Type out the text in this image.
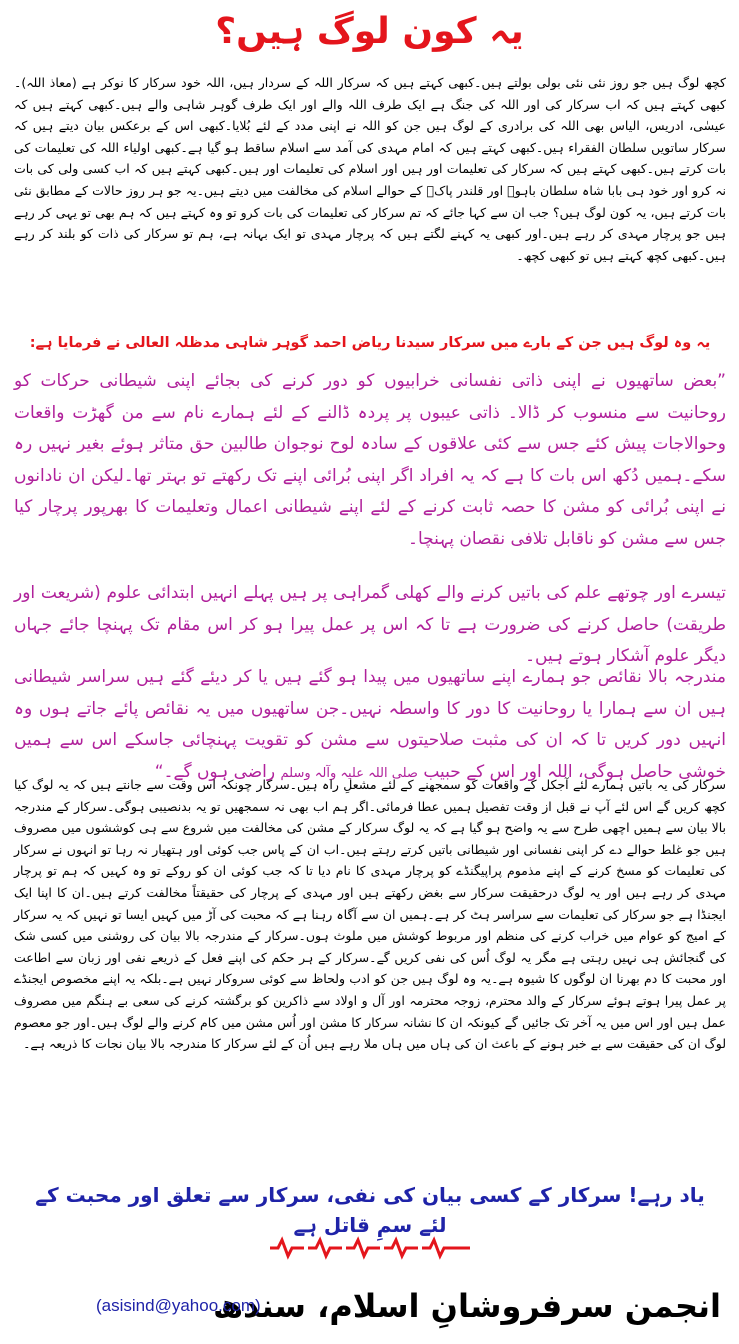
یہ کون لوگ ہیں؟
کچھ لوگ ہیں جو روز نئی نئی بولی بولتے ہیں۔کبھی کہتے ہیں کہ سرکار اللہ کے سردار ہیں، اللہ خود سرکار کا نوکر ہے (معاذ اللہ)۔کبھی کہتے ہیں کہ اب سرکار کی اور اللہ کی جنگ ہے ایک طرف اللہ والے اور ایک طرف گوہر شاہی والے ہیں۔کبھی کہتے ہیں کہ عیسٰی، ادریس، الیاس بھی اللہ کی برادری کے لوگ ہیں جن کو اللہ نے اپنی مدد کے لئے بُلایا۔کبھی اس کے برعکس بیان دیتے ہیں کہ سرکار ساتویں سلطان الفقراء ہیں۔کبھی کہتے ہیں کہ امام مہدی کی آمد سے اسلام ساقط ہو گیا ہے۔کبھی اولیاء اللہ کی تعلیمات کی بات کرتے ہیں۔کبھی کہتے ہیں کہ سرکار کی تعلیمات اور ہیں اور اسلام کی تعلیمات اور ہیں۔کبھی کہتے ہیں کہ اب کسی ولی کی بات نہ کرو اور خود ہی بابا شاہ سلطان باہوؒ اور قلندر پاکؒ کے حوالے اسلام کی مخالفت میں دیتے ہیں۔یہ جو ہر روز حالات کے مطابق نئی بات کرتے ہیں، یہ کون لوگ ہیں؟ جب ان سے کہا جائے کہ تم سرکار کی تعلیمات کی بات کرو تو وہ کہتے ہیں کہ ہم بھی تو یہی کر رہے ہیں جو پرچار مہدی کر رہے ہیں۔اور کبھی یہ کہنے لگتے ہیں کہ پرچار مہدی تو ایک بہانہ ہے، ہم تو سرکار کی ذات کو بلند کر رہے ہیں۔کبھی کچھ کہتے ہیں تو کبھی کچھ۔
یہ وہ لوگ ہیں جن کے بارے میں سرکار سیدنا ریاض احمد گوہر شاہی مدظلہ العالی نے فرمایا ہے:
”بعض ساتھیوں نے اپنی ذاتی نفسانی خرابیوں کو دور کرنے کی بجائے اپنی شیطانی حرکات کو روحانیت سے منسوب کر ڈالا۔ ذاتی عیبوں پر پردہ ڈالنے کے لئے ہمارے نام سے من گھڑت واقعات وحوالاجات پیش کئے جس سے کئی علاقوں کے سادہ لوح نوجوان طالبین حق متاثر ہوئے بغیر نہیں رہ سکے۔ہمیں دُکھ اس بات کا ہے کہ یہ افراد اگر اپنی بُرائی اپنے تک رکھتے تو بہتر تھا۔لیکن ان نادانوں نے اپنی بُرائی کو مشن کا حصہ ثابت کرنے کے لئے اپنے شیطانی اعمال وتعلیمات کا بھرپور پرچار کیا جس سے مشن کو ناقابل تلافی نقصان پہنچا۔
تیسرے اور چوتھے علم کی باتیں کرنے والے کھلی گمراہی پر ہیں پہلے انہیں ابتدائی علوم (شریعت اور طریقت) حاصل کرنے کی ضرورت ہے تا کہ اس پر عمل پیرا ہو کر اس مقام تک پہنچا جائے جہاں دیگر علوم آشکار ہوتے ہیں۔
مندرجہ بالا نقائص جو ہمارے اپنے ساتھیوں میں پیدا ہو گئے ہیں یا کر دیئے گئے ہیں سراسر شیطانی ہیں ان سے ہمارا یا روحانیت کا دور کا واسطہ نہیں۔جن ساتھیوں میں یہ نقائص پائے جاتے ہوں وہ انہیں دور کریں تا کہ ان کی مثبت صلاحیتوں سے مشن کو تقویت پہنچائی جاسکے اس سے ہمیں خوشی حاصل ہوگی، اللہ اور اس کے حبیب صلی اللہ علیہ وآلہ وسلم راضی ہوں گے۔“
سرکار کی یہ باتیں ہمارے لئے آجکل کے واقعات کو سمجھنے کے لئے مشعلِ راہ ہیں۔سرکار چونکہ اس وقت سے جانتے ہیں کہ یہ لوگ کیا کچھ کریں گے اس لئے آپ نے قبل از وقت تفصیل ہمیں عطا فرمائی۔اگر ہم اب بھی نہ سمجھیں تو یہ بدنصیبی ہوگی۔سرکار کے مندرجہ بالا بیان سے ہمیں اچھی طرح سے یہ واضح ہو گیا ہے کہ یہ لوگ سرکار کے مشن کی مخالفت میں شروع سے ہی کوششوں میں مصروف ہیں جو غلط حوالے دے کر اپنی نفسانی اور شیطانی باتیں کرتے رہتے ہیں۔اب ان کے پاس جب کوئی اور ہتھیار نہ رہا تو انہوں نے سرکار کی تعلیمات کو مسخ کرنے کے اپنے مذموم پراپیگنڈے کو پرچار مہدی کا نام دیا تا کہ جب کوئی ان کو روکے تو وہ کہیں کہ ہم تو پرچار مہدی کر رہے ہیں اور یہ لوگ درحقیقت سرکار سے بغض رکھتے ہیں اور مہدی کے پرچار کی حقیقتاً مخالفت کرتے ہیں۔ان کا اپنا ایک ایجنڈا ہے جو سرکار کی تعلیمات سے سراسر ہٹ کر ہے۔ہمیں ان سے آگاہ رہنا ہے کہ محبت کی آڑ میں کہیں ایسا تو نہیں کہ یہ سرکار کے امیج کو عوام میں خراب کرنے کی منظم اور مربوط کوشش میں ملوث ہوں۔سرکار کے مندرجہ بالا بیان کی روشنی میں کسی شک کی گنجائش ہی نہیں رہتی ہے مگر یہ لوگ اُس کی نفی کریں گے۔سرکار کے ہر حکم کی اپنے فعل کے ذریعے نفی اور زبان سے اطاعت اور محبت کا دم بھرنا ان لوگوں کا شیوہ ہے۔یہ وہ لوگ ہیں جن کو ادب ولحاظ سے کوئی سروکار نہیں ہے۔بلکہ یہ اپنے مخصوص ایجنڈے پر عمل پیرا ہوتے ہوئے سرکار کے والد محترم، زوجہ محترمہ اور آل و اولاد سے ذاکرین کو برگشتہ کرنے کی سعی بے ہنگم میں مصروف عمل ہیں اور اس میں یہ آخر تک جائیں گے کیونکہ ان کا نشانہ سرکار کا مشن اور اُس مشن میں کام کرنے والے لوگ ہیں۔اور جو معصوم لوگ ان کی حقیقت سے بے خبر ہونے کے باعث ان کی ہاں میں ہاں ملا رہے ہیں اُن کے لئے سرکار کا مندرجہ بالا بیان نجات کا ذریعہ ہے۔
یاد رہے! سرکار کے کسی بیان کی نفی، سرکار سے تعلق اور محبت کے لئے سمِ قاتل ہے
انجمن سرفروشانِ اسلام، سندھ
(asisind@yahoo.com)
